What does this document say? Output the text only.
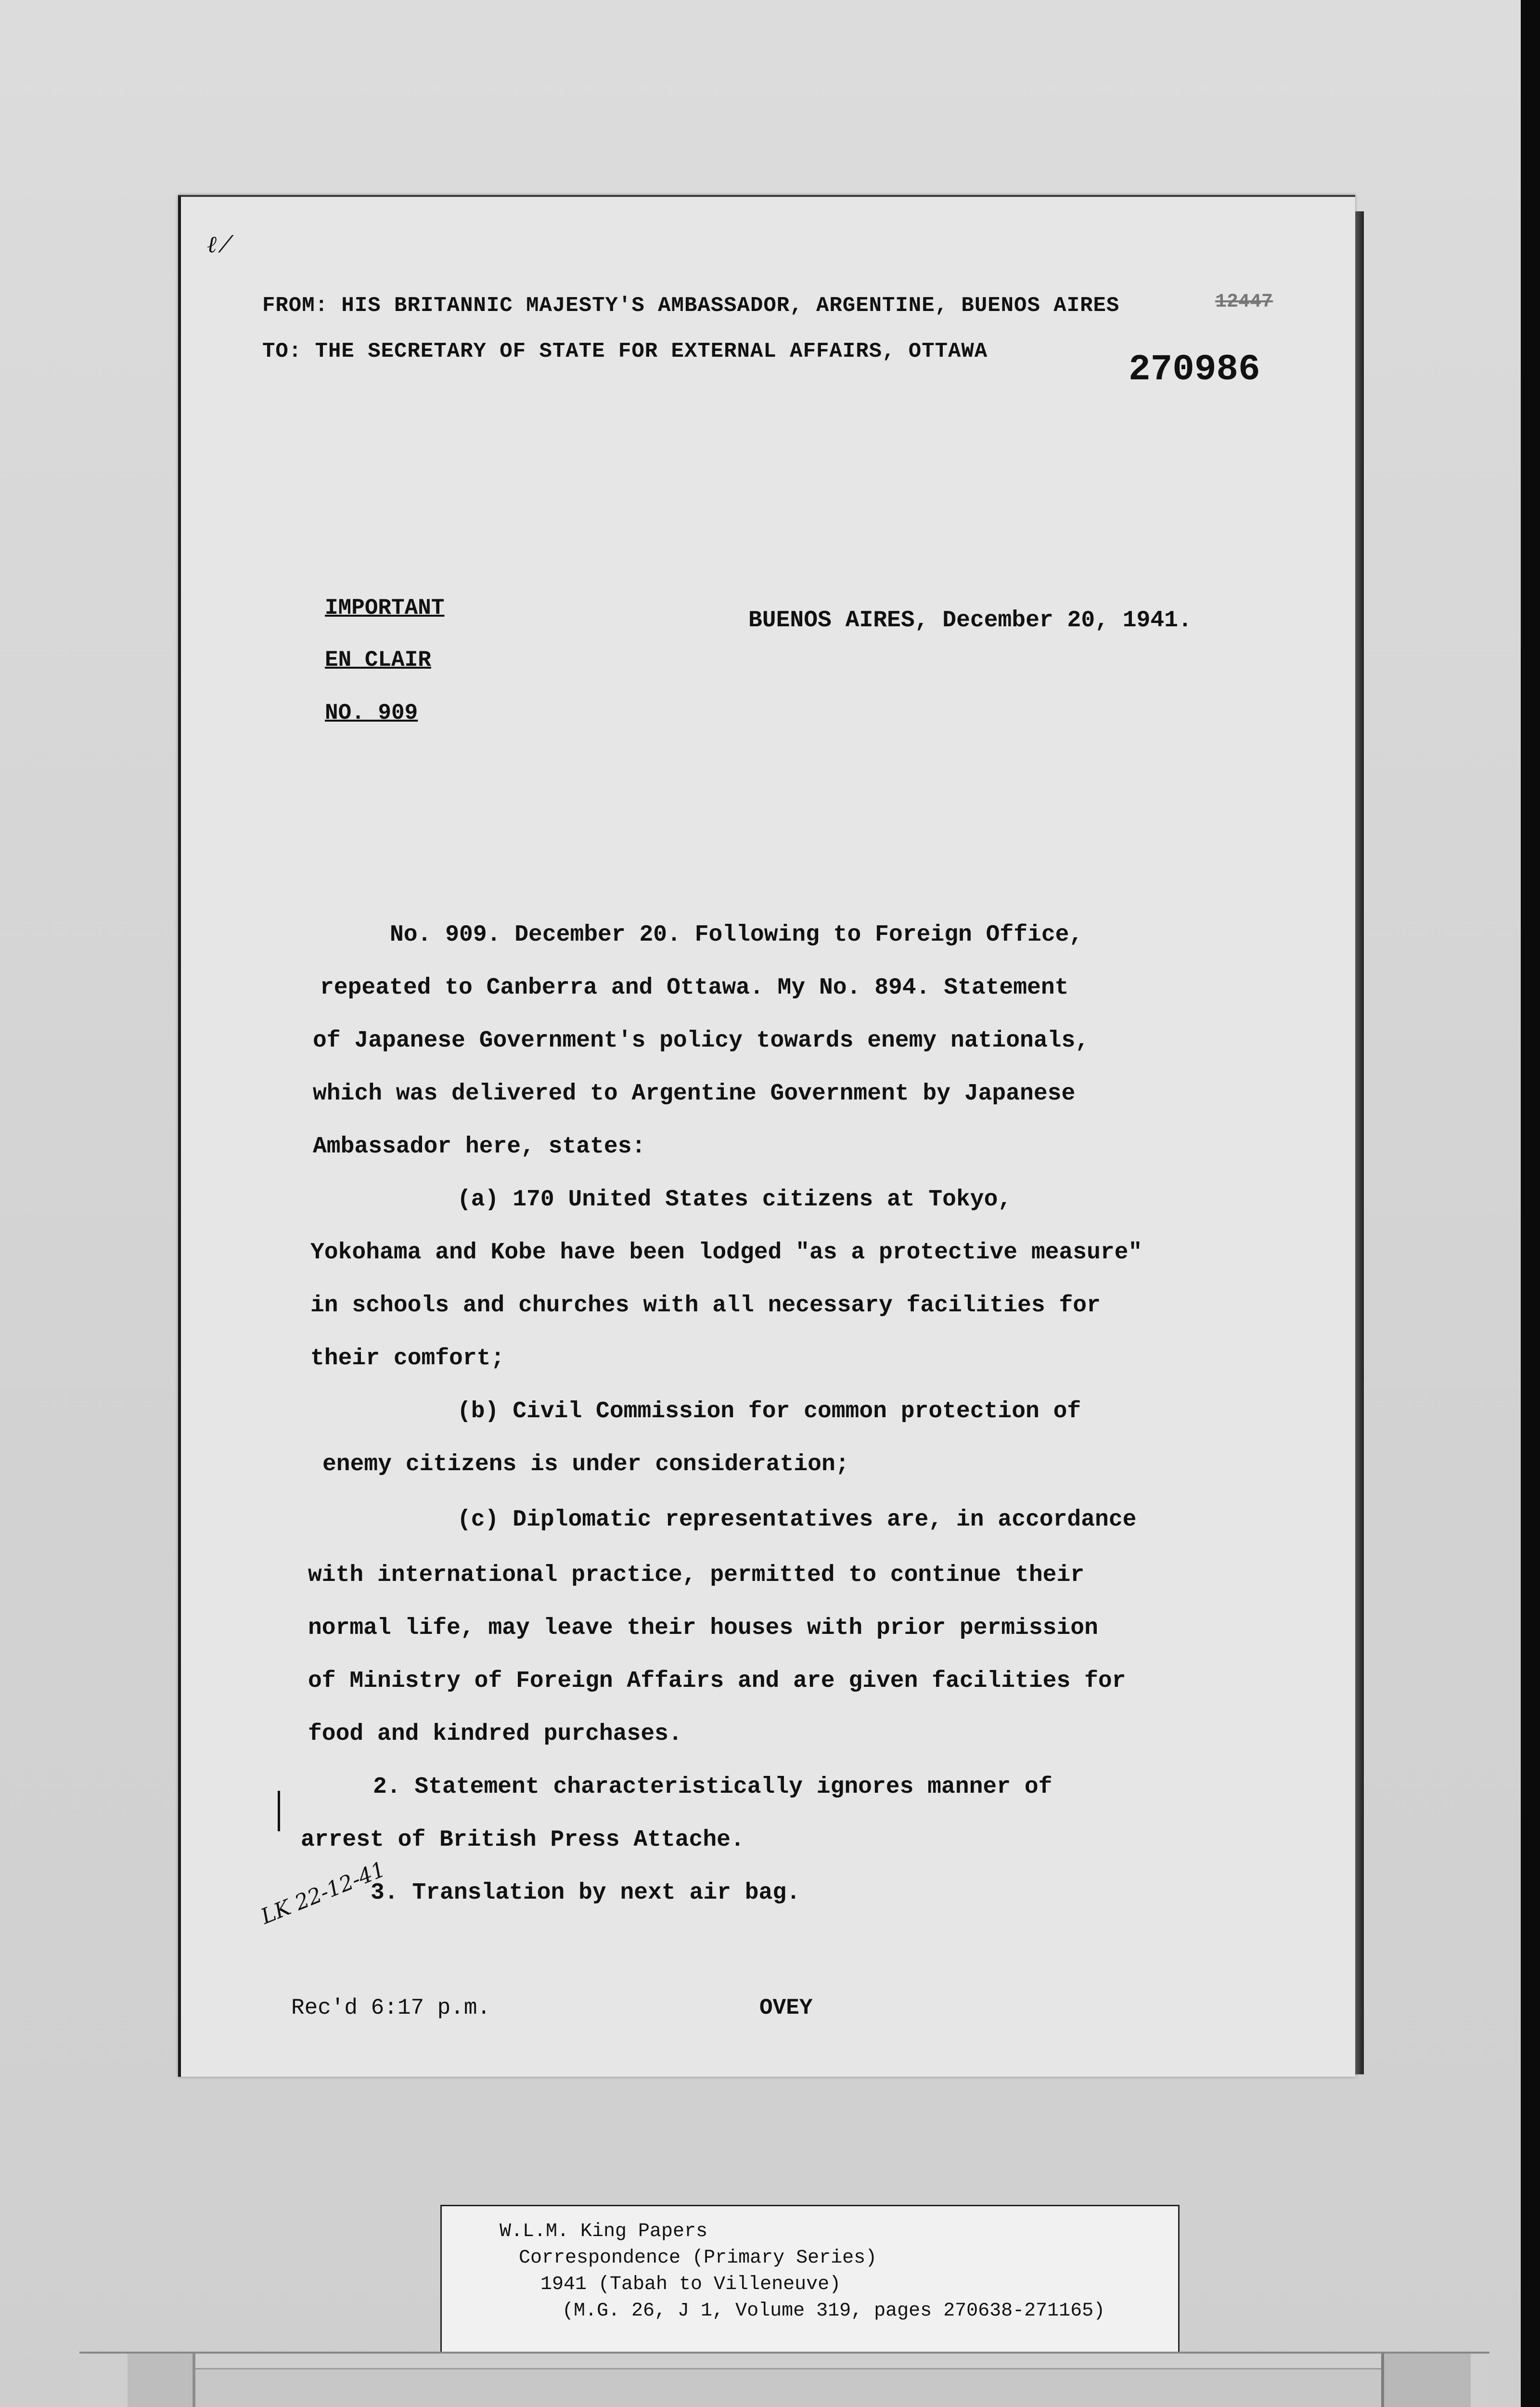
ℓ ⁄
FROM: HIS BRITANNIC MAJESTY'S AMBASSADOR, ARGENTINE, BUENOS AIRES	12447
TO: THE SECRETARY OF STATE FOR EXTERNAL AFFAIRS, OTTAWA	270986
IMPORTANT
EN CLAIR
NO. 909
BUENOS AIRES, December 20, 1941.
No. 909. December 20. Following to Foreign Office,
repeated to Canberra and Ottawa. My No. 894. Statement
of Japanese Government's policy towards enemy nationals,
which was delivered to Argentine Government by Japanese
Ambassador here, states:
(a) 170 United States citizens at Tokyo,
Yokohama and Kobe have been lodged "as a protective measure"
in schools and churches with all necessary facilities for
their comfort;
(b) Civil Commission for common protection of
enemy citizens is under consideration;
(c) Diplomatic representatives are, in accordance
with international practice, permitted to continue their
normal life, may leave their houses with prior permission
of Ministry of Foreign Affairs and are given facilities for
food and kindred purchases.
2. Statement characteristically ignores manner of
arrest of British Press Attache.
3. Translation by next air bag.
LK 22-12-41
Rec'd 6:17 p.m.	OVEY
W.L.M. King Papers
Correspondence (Primary Series)
1941 (Tabah to Villeneuve)
(M.G. 26, J 1, Volume 319, pages 270638-271165)
